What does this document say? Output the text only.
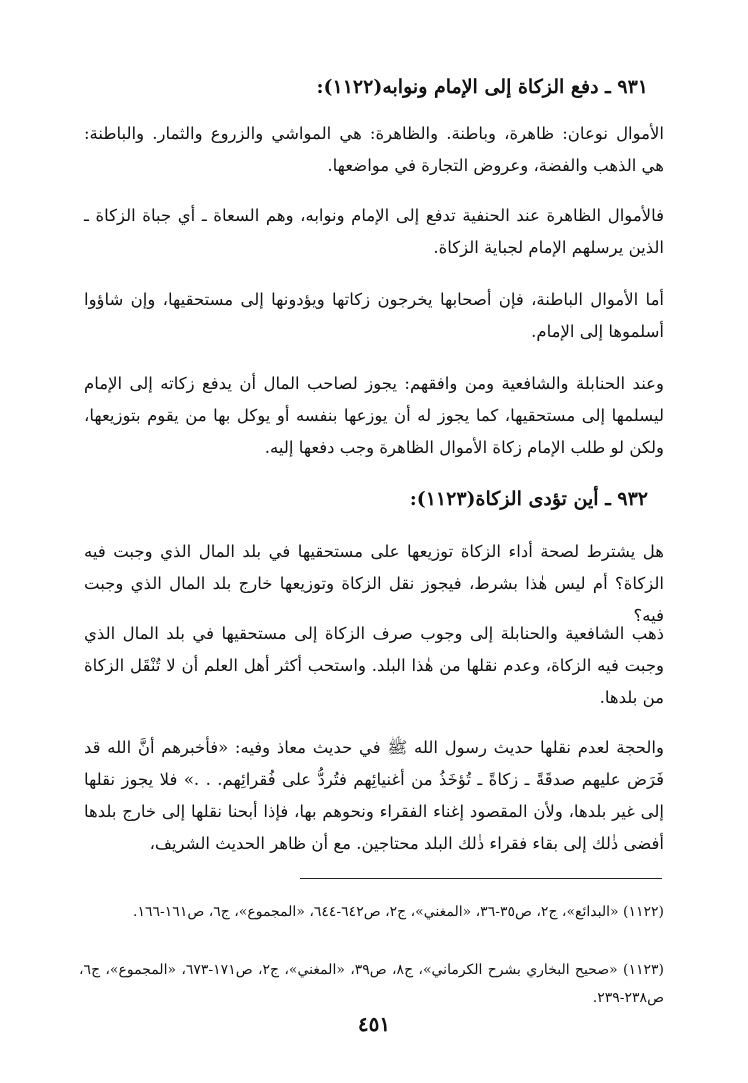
٩٣١ ـ دفع الزكاة إلى الإمام ونوابه(١١٢٢):
الأموال نوعان: ظاهرة، وباطنة. والظاهرة: هي المواشي والزروع والثمار. والباطنة: هي الذهب والفضة، وعروض التجارة في مواضعها.
فالأموال الظاهرة عند الحنفية تدفع إلى الإمام ونوابه، وهم السعاة ـ أي جباة الزكاة ـ الذين يرسلهم الإمام لجباية الزكاة.
أما الأموال الباطنة، فإن أصحابها يخرجون زكاتها ويؤدونها إلى مستحقيها، وإن شاؤوا أسلموها إلى الإمام.
وعند الحنابلة والشافعية ومن وافقهم: يجوز لصاحب المال أن يدفع زكاته إلى الإمام ليسلمها إلى مستحقيها، كما يجوز له أن يوزعها بنفسه أو يوكل بها من يقوم بتوزيعها، ولكن لو طلب الإمام زكاة الأموال الظاهرة وجب دفعها إليه.
٩٣٢ ـ أين تؤدى الزكاة(١١٢٣):
هل يشترط لصحة أداء الزكاة توزيعها على مستحقيها في بلد المال الذي وجبت فيه الزكاة؟ أم ليس هٰذا بشرط، فيجوز نقل الزكاة وتوزيعها خارج بلد المال الذي وجبت فيه؟
ذهب الشافعية والحنابلة إلى وجوب صرف الزكاة إلى مستحقيها في بلد المال الذي وجبت فيه الزكاة، وعدم نقلها من هٰذا البلد. واستحب أكثر أهل العلم أن لا تُنْقَل الزكاة من بلدها.
والحجة لعدم نقلها حديث رسول الله ﷺ في حديث معاذ وفيه: «فأخبرهم أنَّ الله قد فَرَض عليهم صدقَةً ـ زكاةً ـ تُؤخَذُ من أغنيائِهم فتُردُّ على فُقرائِهم. . .» فلا يجوز نقلها إلى غير بلدها، ولأن المقصود إغناء الفقراء ونحوهم بها، فإذا أبحنا نقلها إلى خارج بلدها أفضى ذٰلك إلى بقاء فقراء ذٰلك البلد محتاجين. مع أن ظاهر الحديث الشريف،
(١١٢٢) «البدائع»، ج٢، ص٣٥-٣٦، «المغني»، ج٢، ص٦٤٢-٦٤٤، «المجموع»، ج٦، ص١٦١-١٦٦.
(١١٢٣) «صحيح البخاري بشرح الكرماني»، ج٨، ص٣٩، «المغني»، ج٢، ص١٧١-٦٧٣، «المجموع»، ج٦، ص٢٣٨-٢٣٩.
٤٥١
